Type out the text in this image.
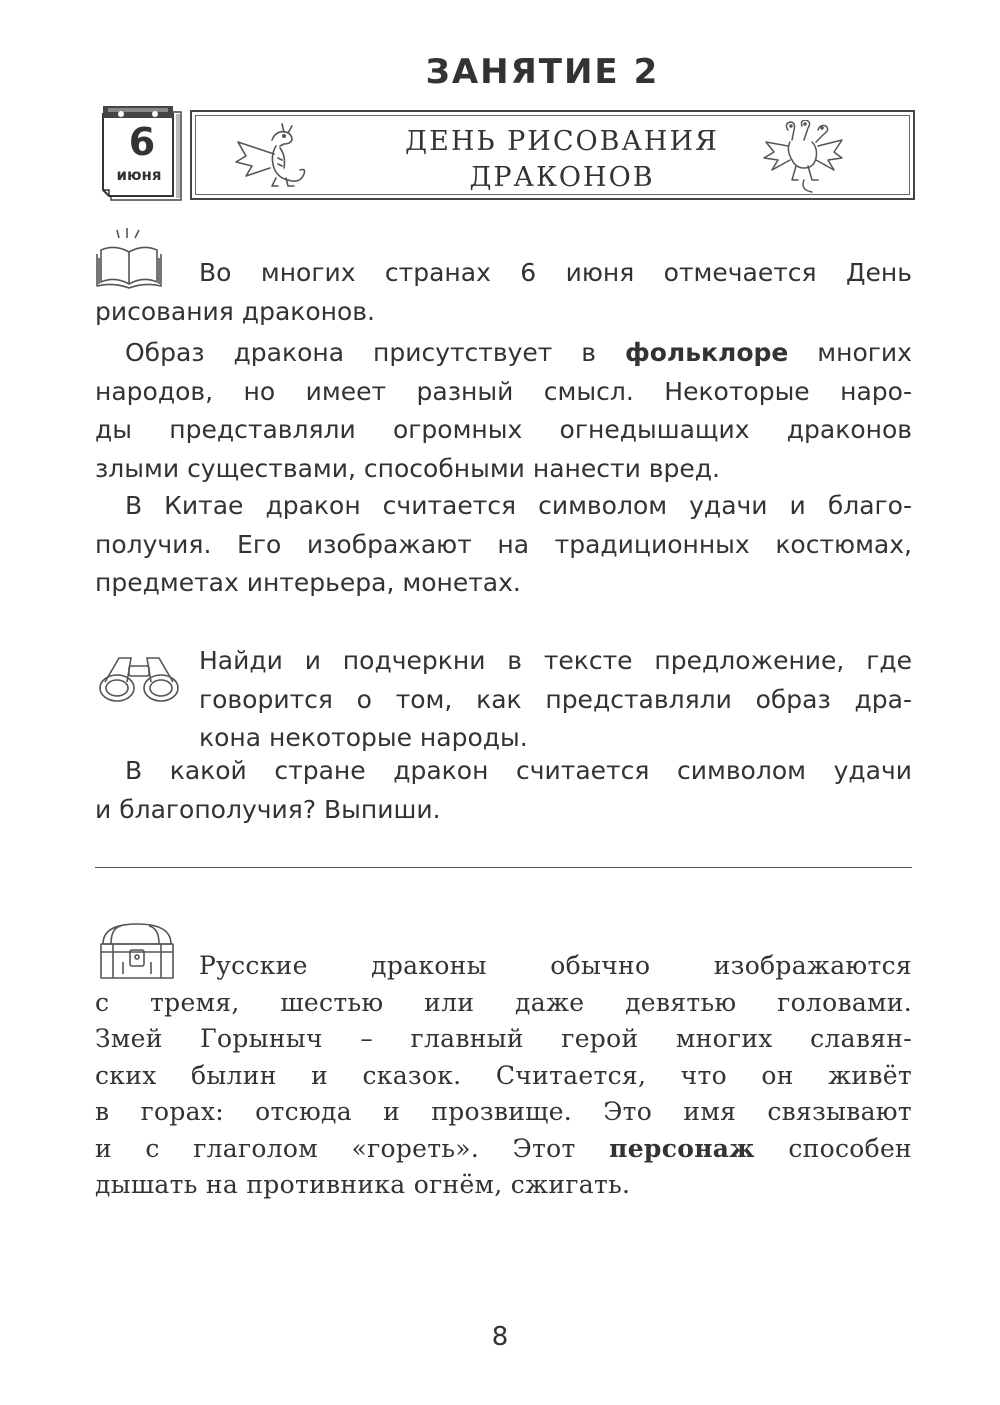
ЗАНЯТИЕ 2
6
июня
ДЕНЬ РИСОВАНИЯ
ДРАКОНОВ
Во многих странах 6 июня отмечается День
рисования драконов.
Образ дракона присутствует в фольклоре многих
народов, но имеет разный смысл. Некоторые наро-
ды представляли огромных огнедышащих драконов
злыми существами, способными нанести вред.
В Китае дракон считается символом удачи и благо-
получия. Его изображают на традиционных костюмах,
предметах интерьера, монетах.
Найди и подчеркни в тексте предложение, где
говорится о том, как представляли образ дра-
кона некоторые народы.
В какой стране дракон считается символом удачи
и благополучия? Выпиши.
Русские драконы обычно изображаются
с тремя, шестью или даже девятью головами.
Змей Горыныч – главный герой многих славян-
ских былин и сказок. Считается, что он живёт
в горах: отсюда и прозвище. Это имя связывают
и с глаголом «гореть». Этот персонаж способен
дышать на противника огнём, сжигать.
8
